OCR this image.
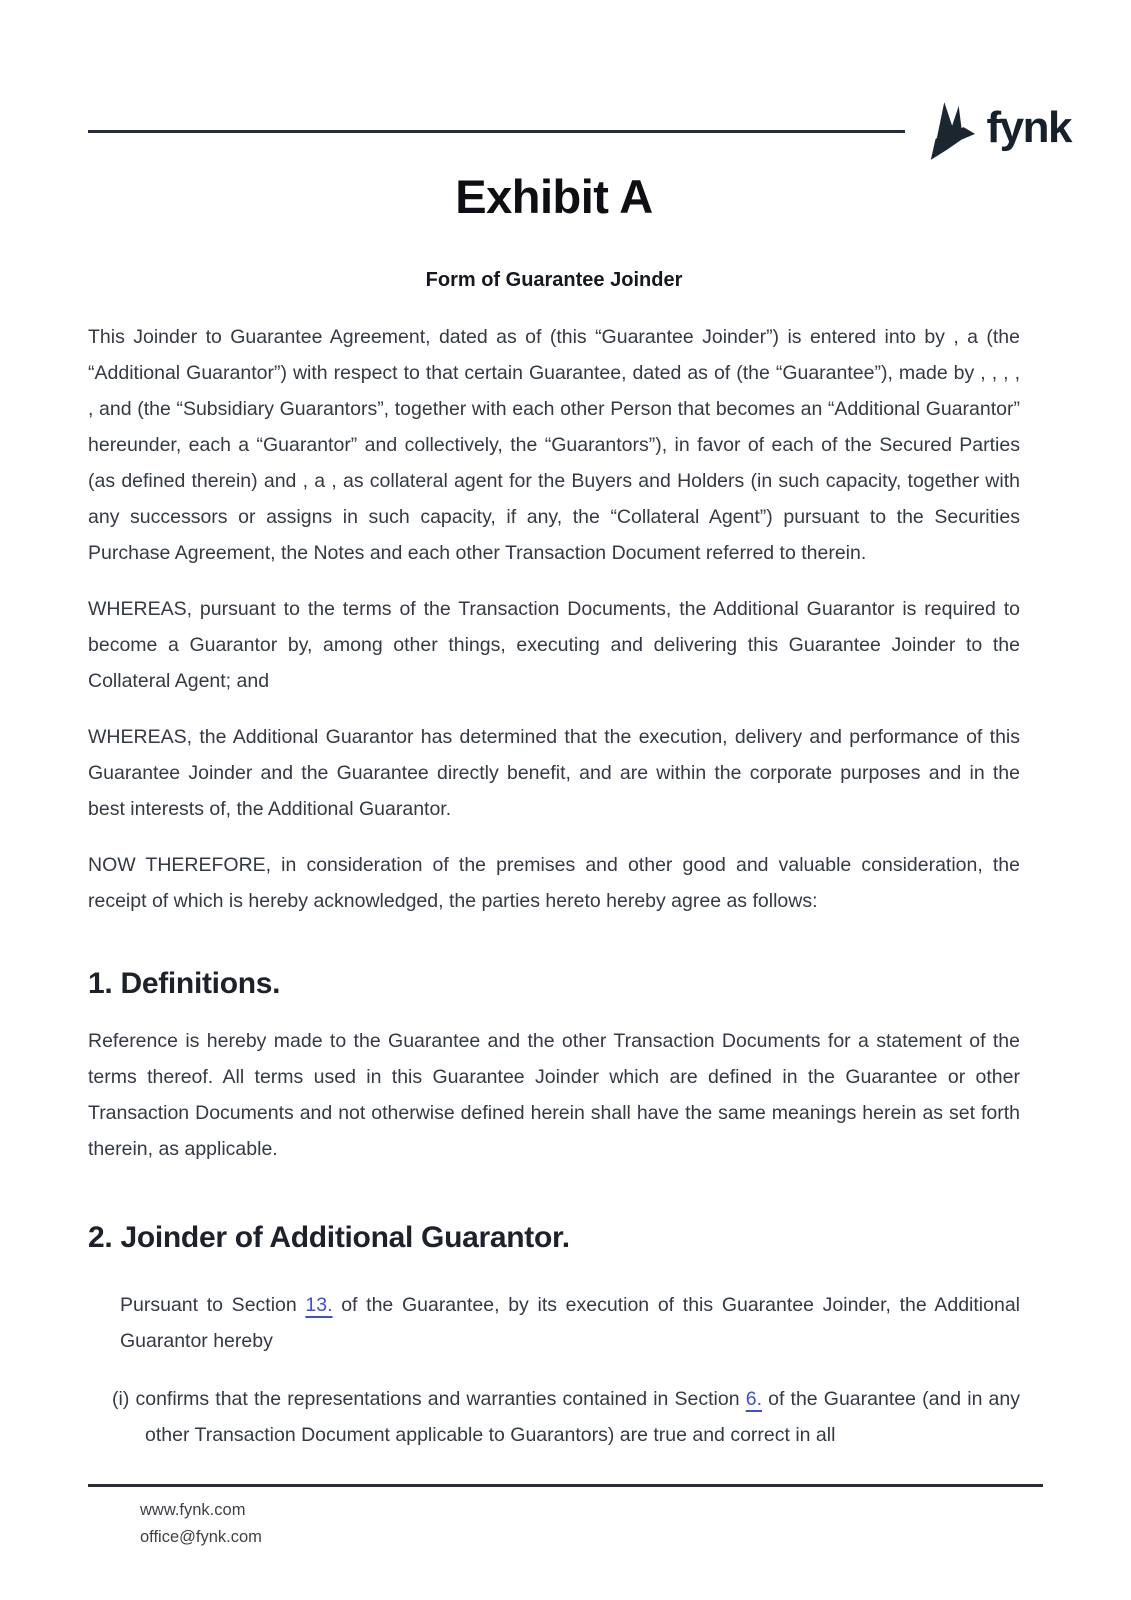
fynk
Exhibit A
Form of Guarantee Joinder

This Joinder to Guarantee Agreement, dated as of (this “Guarantee Joinder”) is entered into by , a (the “Additional Guarantor”) with respect to that certain Guarantee, dated as of (the “Guarantee”), made by , , , , , and (the “Subsidiary Guarantors”, together with each other Person that becomes an “Additional Guarantor” hereunder, each a “Guarantor” and collectively, the “Guarantors”), in favor of each of the Secured Parties (as defined therein) and , a , as collateral agent for the Buyers and Holders (in such capacity, together with any successors or assigns in such capacity, if any, the “Collateral Agent”) pursuant to the Securities Purchase Agreement, the Notes and each other Transaction Document referred to therein.

WHEREAS, pursuant to the terms of the Transaction Documents, the Additional Guarantor is required to become a Guarantor by, among other things, executing and delivering this Guarantee Joinder to the Collateral Agent; and

WHEREAS, the Additional Guarantor has determined that the execution, delivery and performance of this Guarantee Joinder and the Guarantee directly benefit, and are within the corporate purposes and in the best interests of, the Additional Guarantor.

NOW THEREFORE, in consideration of the premises and other good and valuable consideration, the receipt of which is hereby acknowledged, the parties hereto hereby agree as follows:

1. Definitions.

Reference is hereby made to the Guarantee and the other Transaction Documents for a statement of the terms thereof. All terms used in this Guarantee Joinder which are defined in the Guarantee or other Transaction Documents and not otherwise defined herein shall have the same meanings herein as set forth therein, as applicable.

2. Joinder of Additional Guarantor.

Pursuant to Section 13. of the Guarantee, by its execution of this Guarantee Joinder, the Additional Guarantor hereby

(i) confirms that the representations and warranties contained in Section 6. of the Guarantee (and in any other Transaction Document applicable to Guarantors) are true and correct in all

www.fynk.com
office@fynk.com
